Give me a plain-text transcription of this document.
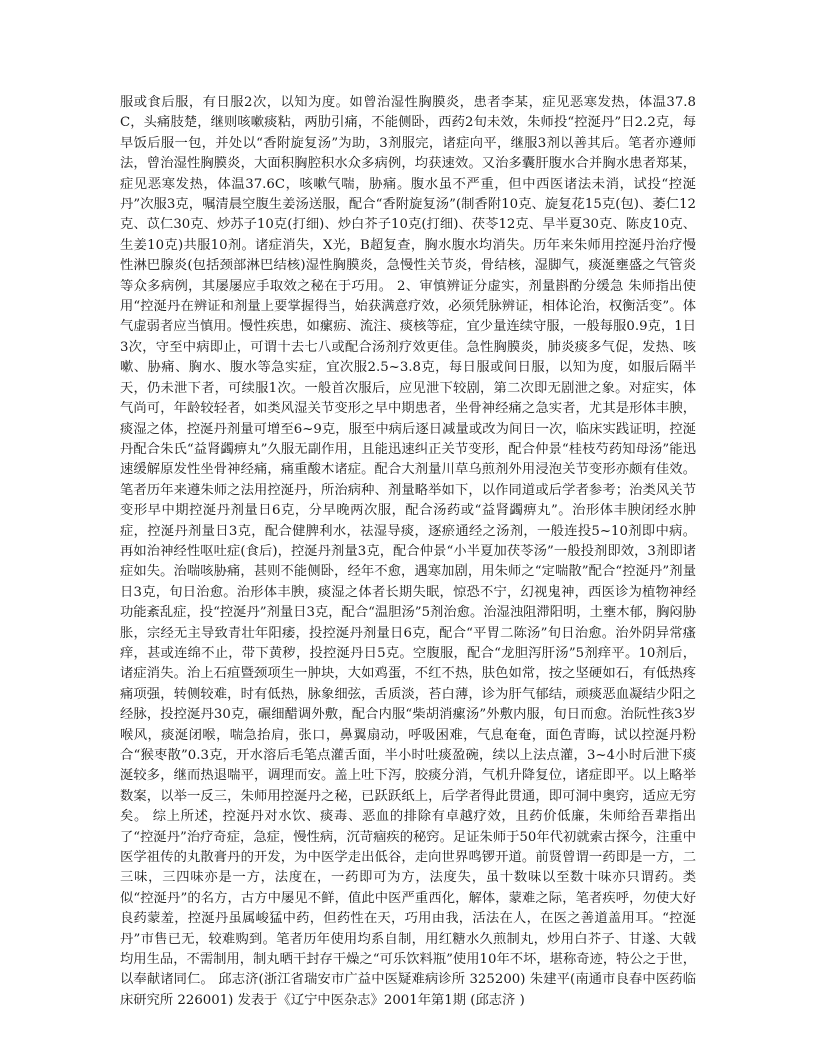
服或食后服，有日服2次，以知为度。如曾治湿性胸膜炎，患者李某，症见恶寒发热，体温37.8C，头痛肢楚，继则咳嗽痰粘，两肋引痛，不能侧卧，西药2旬未效，朱师投“控涎丹”日2.2克，每早饭后服一包，并处以“香附旋复汤”为助，3剂服完，诸症向平，继服3剂以善其后。笔者亦遵师法，曾治湿性胸膜炎，大面积胸腔积水众多病例，均获速效。又治多囊肝腹水合并胸水患者郑某，症见恶寒发热，体温37.6C，咳嗽气喘，胁痛。腹水虽不严重，但中西医诸法未消，试投“控涎丹”次服3克，嘱清晨空腹生姜汤送服，配合“香附旋复汤”(制香附10克、旋复花15克(包)、萎仁12克、苡仁30克、炒苏子10克(打细)、炒白芥子10克(打细)、茯苓12克、旱半夏30克、陈皮10克、生姜10克)共服10剂。诸症消失，X光，B超复查，胸水腹水均消失。历年来朱师用控涎丹治疗慢性淋巴腺炎(包括颈部淋巴结核)湿性胸膜炎，急慢性关节炎，骨结核，湿脚气，痰涎壅盛之气管炎等众多病例，其屡屡应手取效之秘在于巧用。 2、审慎辨证分虚实，剂量斟酌分缓急 朱师指出使用“控涎丹在辨证和剂量上要掌握得当，始获满意疗效，必须凭脉辨证，相体论治，权衡活变”。体气虚弱者应当慎用。慢性疾患，如瘰疬、流注、痰核等症，宜少量连续守服，一般每服0.9克，1日3次，守至中病即止，可谓十去七八或配合汤剂疗效更佳。急性胸膜炎，肺炎痰多气促，发热、咳嗽、胁痛、胸水、腹水等急实症，宜次服2.5~3.8克，每日服或间日服，以知为度，如服后隔半天，仍未泄下者，可续服1次。一般首次服后，应见泄下较剧，第二次即无剧泄之象。对症实，体气尚可，年龄较轻者，如类风湿关节变形之早中期患者，坐骨神经痛之急实者，尤其是形体丰腴，痰湿之体，控涎丹剂量可增至6~9克，服至中病后逐日减量或改为间日一次，临床实践证明，控涎丹配合朱氏“益肾蠲痹丸”久服无副作用，且能迅速纠正关节变形，配合仲景“桂枝芍药知母汤”能迅速缓解原发性坐骨神经痛，痛重酸木诸症。配合大剂量川草乌煎剂外用浸泡关节变形亦颇有佳效。笔者历年来遵朱师之法用控涎丹，所治病种、剂量略举如下，以作同道或后学者参考；治类风关节变形早中期控涎丹剂量日6克，分早晚两次服，配合汤药或“益肾蠲痹丸”。治形体丰腴闭经水肿症，控涎丹剂量日3克，配合健脾利水，祛湿导痰，逐瘀通经之汤剂，一般连投5~10剂即中病。 再如治神经性呕吐症(食后)，控涎丹剂量3克，配合仲景“小半夏加茯苓汤”一般投剂即效，3剂即诸症如失。治喘咳胁痛，甚则不能侧卧，经年不愈，遇寒加剧，用朱师之“定喘散”配合“控涎丹”剂量日3克，旬日治愈。治形体丰腴，痰湿之体者长期失眠，惊恐不宁，幻视鬼神，西医诊为植物神经功能紊乱症，投“控涎丹”剂量日3克，配合“温胆汤”5剂治愈。治湿浊阻滞阳明，土壅木郁，胸闷胁胀，宗经无主导致青壮年阳痿，投控涎丹剂量日6克，配合“平胃二陈汤”旬日治愈。治外阴异常瘙痒，甚或连绵不止，带下黄秽，投控涎丹日5克。空腹服，配合“龙胆泻肝汤”5剂痒平。10剂后，诸症消失。治上石疽暨颈项生一肿块，大如鸡蛋，不红不热，肤色如常，按之坚硬如石，有低热疼痛项强，转侧较难，时有低热，脉象细弦，舌质淡，苔白薄，诊为肝气郁结，顽痰恶血凝结少阳之经脉，投控涎丹30克，碾细醋调外敷，配合内服“柴胡消瘰汤”外敷内服，旬日而愈。治阮性孩3岁喉风，痰涎闭喉，喘急抬肩，张口，鼻翼扇动，呼吸困难，气息奄奄，面色青晦，试以控涎丹粉合“猴枣散”0.3克，开水溶后毛笔点灌舌面，半小时吐痰盈碗，续以上法点灌，3~4小时后泄下痰涎较多，继而热退喘平，调理而安。盖上吐下泻，胶痰分消，气机升降复位，诸症即平。以上略举数案，以举一反三，朱师用控涎丹之秘，已跃跃纸上，后学者得此贯通，即可洞中奥窍，适应无穷矣。 综上所述，控涎丹对水饮、痰毒、恶血的排除有卓越疗效，且药价低廉，朱师给吾辈指出了“控涎丹”治疗奇症，急症，慢性病，沉苛痼疾的秘窍。足证朱师于50年代初就索古探今，注重中医学祖传的丸散膏丹的开发，为中医学走出低谷，走向世界鸣锣开道。前贤曾谓一药即是一方，二三味，三四味亦是一方，法度在，一药即可为方，法度失，虽十数味以至数十味亦只谓药。类似“控涎丹”的名方，古方中屡见不鲜，值此中医严重西化，解体，蒙难之际，笔者疾呼，勿使大好良药蒙羞，控涎丹虽属峻猛中药，但药性在天，巧用由我，活法在人，在医之善道盖用耳。“控涎丹”市售已无，较难购到。笔者历年使用均系自制，用红糖水久煎制丸，炒用白芥子、甘遂、大戟均用生品，不需制用，制丸晒干封存干燥之“可乐饮料瓶”使用10年不坏，堪称奇迹，特公之于世，以奉献诸同仁。 邱志济(浙江省瑞安市广益中医疑难病诊所 325200) 朱建平(南通市良春中医药临床研究所 226001) 发表于《辽宁中医杂志》2001年第1期 (邱志济 )
